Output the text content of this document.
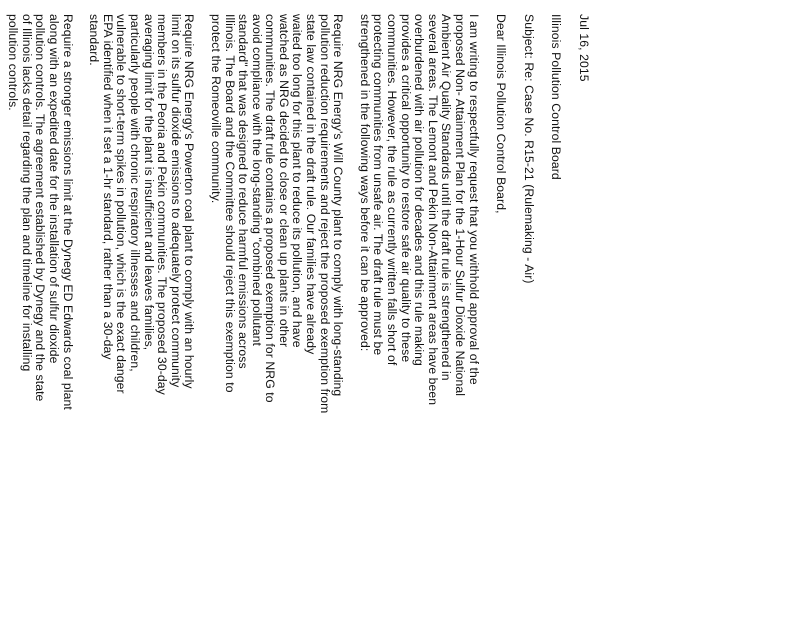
Jul 16, 2015
Illinois Pollution Control Board
Subject: Re: Case No. R15-21 (Rulemaking - Air)
Dear Illinois Pollution Control Board,
I am writing to respectfully request that you withhold approval of the
proposed Non- Attainment Plan for the 1-Hour Sulfur Dioxide National
Ambient Air Quality Standards until the draft rule is strengthened in
several areas. The Lemont and Pekin Non-Attainment areas have been
overburdened with air pollution for decades and this rule making
provides a critical opportunity to restore safe air quality to these
communities. However, the rule as currently written falls short of
protecting communities from unsafe air. The draft rule must be
strengthened in the following ways before it can be approved:
Require NRG Energy's Will County plant to comply with long-standing
pollution reduction requirements and reject the proposed exemption from
state law contained in the draft rule. Our families have already
waited too long for this plant to reduce its pollution, and have
watched as NRG decided to close or clean up plants in other
communities. The draft rule contains a proposed exemption for NRG to
avoid compliance with the long-standing "combined pollutant
standard" that was designed to reduce harmful emissions across
Illinois. The Board and the Committee should reject this exemption to
protect the Romeoville community.
Require NRG Energy's Powerton coal plant to comply with an hourly
limit on its sulfur dioxide emissions to adequately protect community
members in the Peoria and Pekin communities. The proposed 30-day
averaging limit for the plant is insufficient and leaves families,
particularly people with chronic respiratory illnesses and children,
vulnerable to short-term spikes in pollution, which is the exact danger
EPA identified when it set a 1-hr standard, rather than a 30-day
standard.
Require a stronger emissions limit at the Dynegy ED Edwards coal plant
along with an expedited date for the installation of sulfur dioxide
pollution controls. The agreement established by Dynegy and the state
of Illinois lacks detail regarding the plan and timeline for installing
pollution controls.
